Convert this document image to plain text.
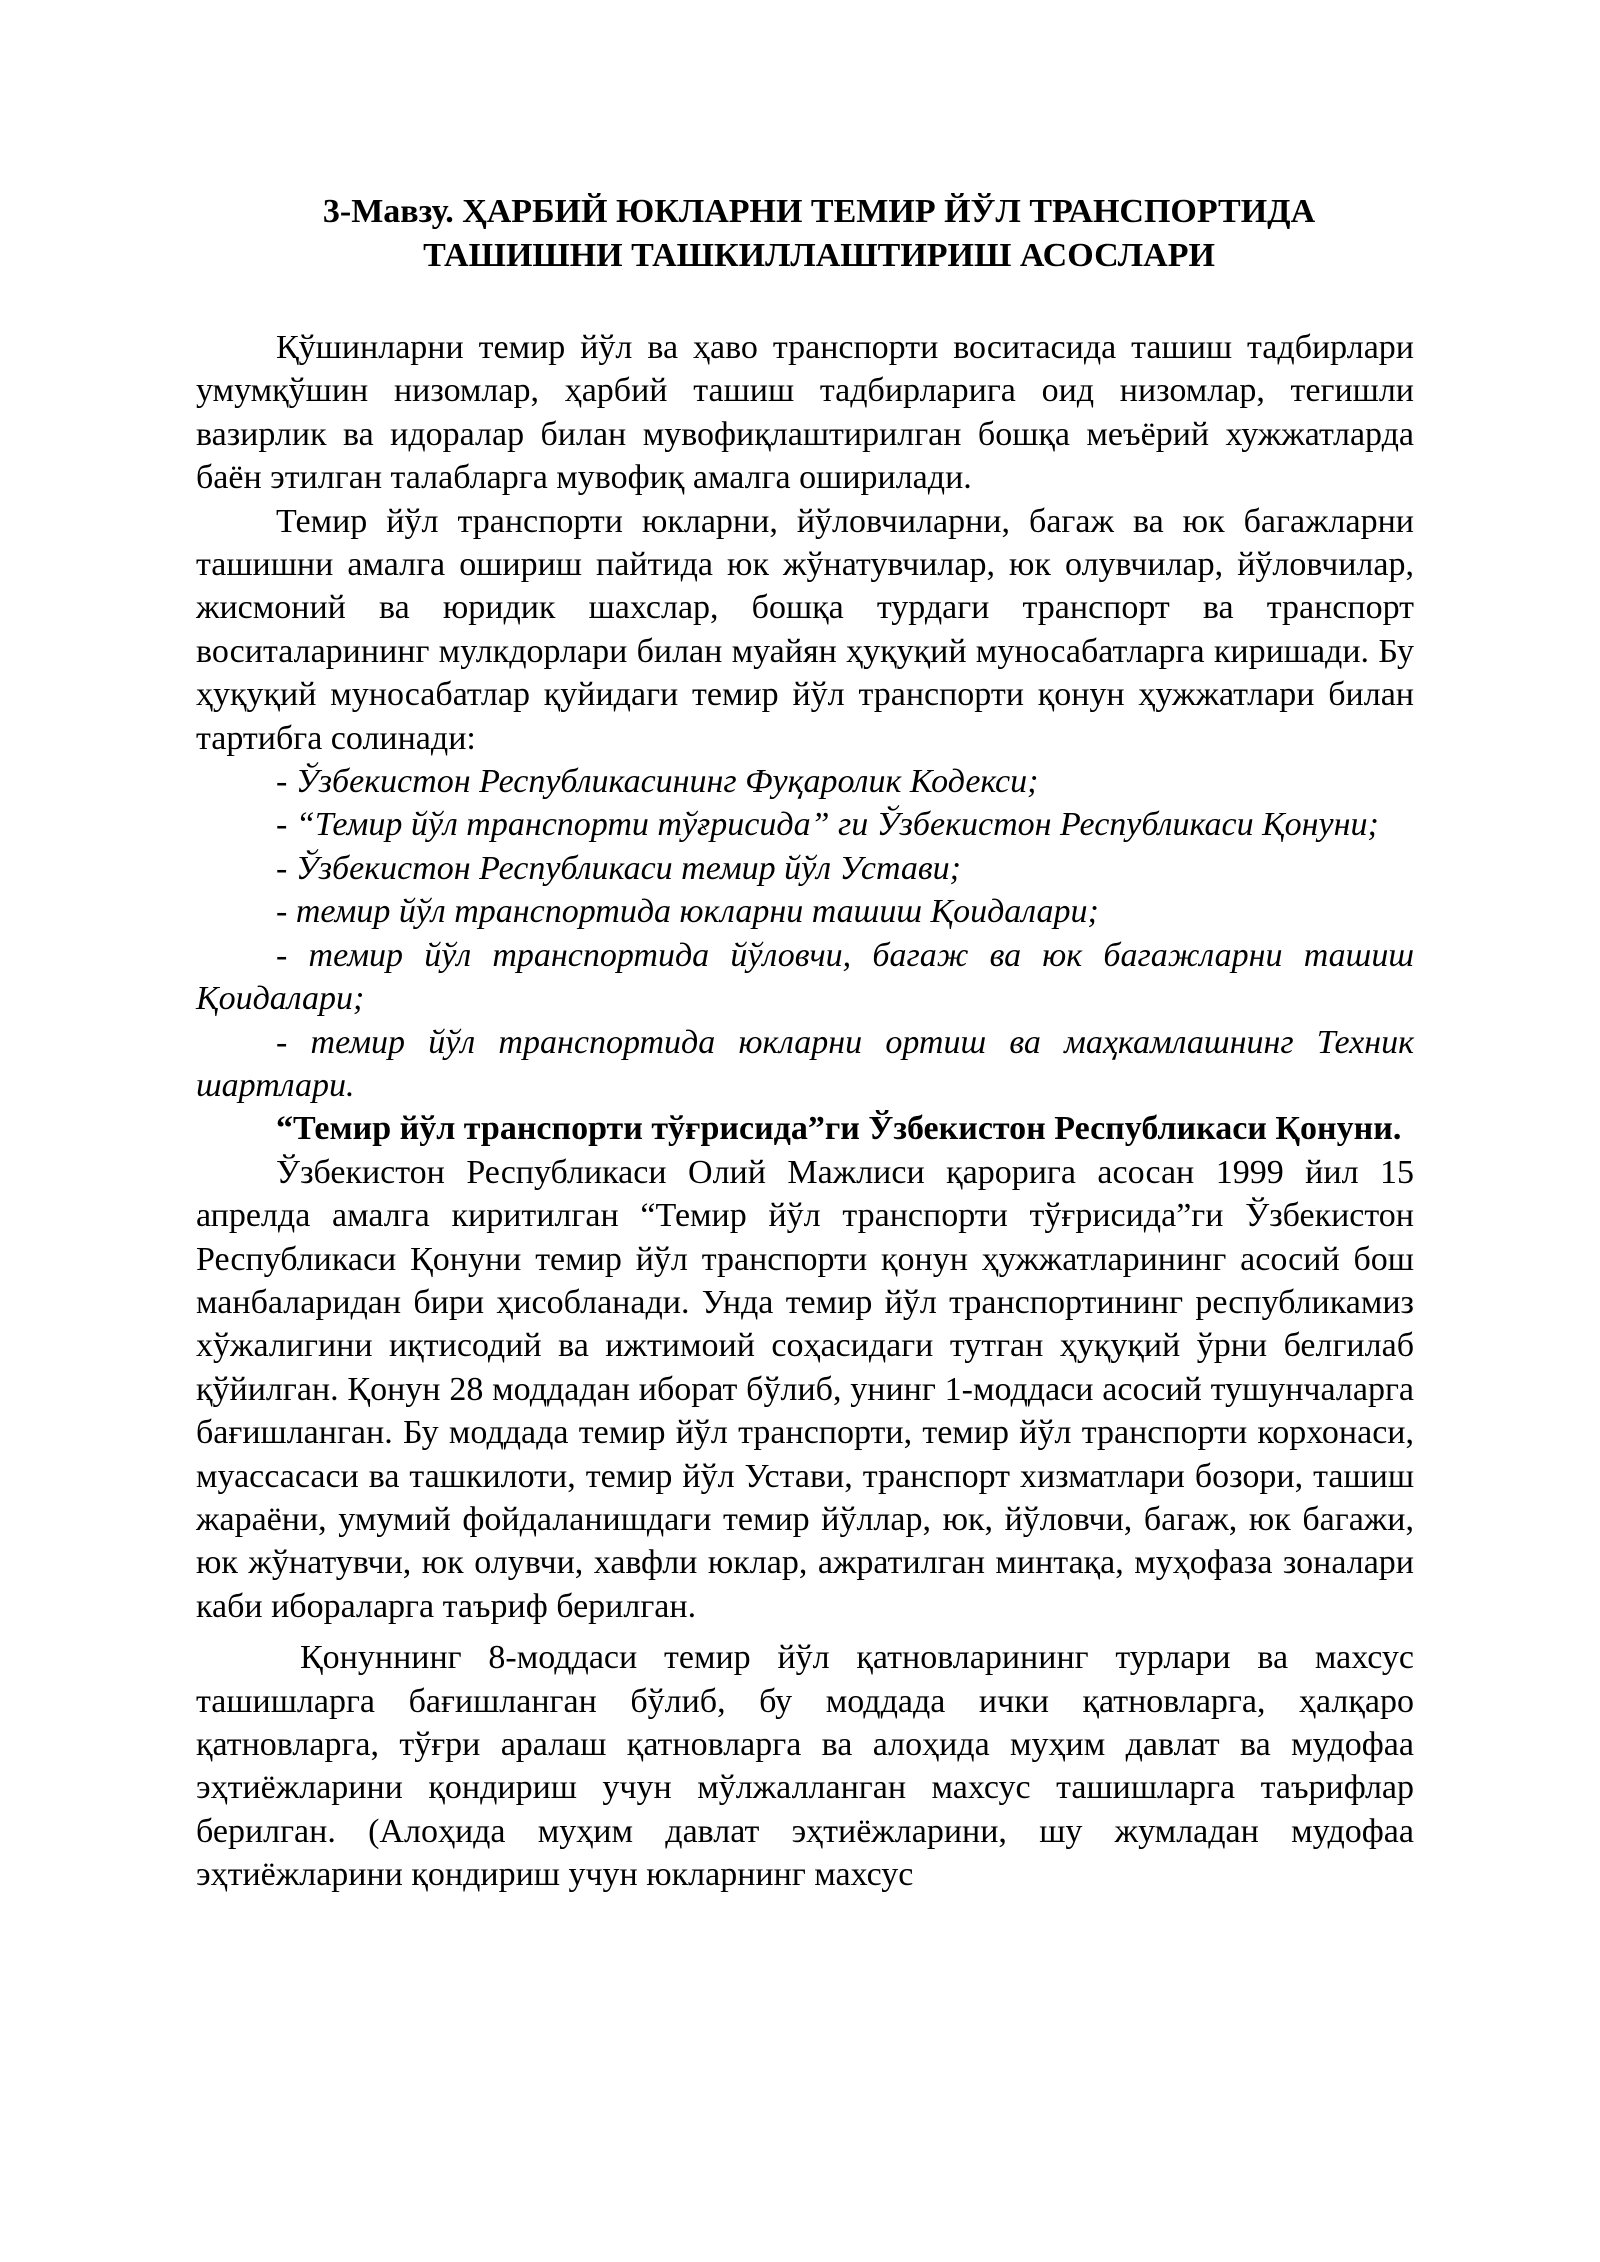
3-Мавзу. ҲАРБИЙ ЮКЛАРНИ ТЕМИР ЙЎЛ ТРАНСПОРТИДА
ТАШИШНИ ТАШКИЛЛАШТИРИШ АСОСЛАРИ

Қўшинларни темир йўл ва ҳаво транспорти воситасида ташиш тадбирлари умумқўшин низомлар, ҳарбий ташиш тадбирларига оид низомлар, тегишли вазирлик ва идоралар билан мувофиқлаштирилган бошқа меъёрий хужжатларда баён этилган талабларга мувофиқ амалга оширилади.

Темир йўл транспорти юкларни, йўловчиларни, багаж ва юк багажларни ташишни амалга ошириш пайтида юк жўнатувчилар, юк олувчилар, йўловчилар, жисмоний ва юридик шахслар, бошқа турдаги транспорт ва транспорт воситаларининг мулкдорлари билан муайян ҳуқуқий муносабатларга киришади. Бу ҳуқуқий муносабатлар қуйидаги темир йўл транспорти қонун ҳужжатлари билан тартибга солинади:

- Ўзбекистон Республикасининг Фуқаролик Кодекси;

- “Темир йўл транспорти тўғрисида” ги Ўзбекистон Республикаси Қонуни;

- Ўзбекистон Республикаси темир йўл Устави;

- темир йўл транспортида юкларни ташиш Қоидалари;

- темир йўл транспортида йўловчи, багаж ва юк багажларни ташиш Қоидалари;

- темир йўл транспортида юкларни ортиш ва маҳкамлашнинг Техник шартлари.

“Темир йўл транспорти тўғрисида”ги Ўзбекистон Республикаси Қонуни.

Ўзбекистон Республикаси Олий Мажлиси қарорига асосан 1999 йил 15 апрелда амалга киритилган “Темир йўл транспорти тўғрисида”ги Ўзбекистон Республикаси Қонуни темир йўл транспорти қонун ҳужжатларининг асосий бош манбаларидан бири ҳисобланади. Унда темир йўл транспортининг республикамиз хўжалигини иқтисодий ва ижтимоий соҳасидаги тутган ҳуқуқий ўрни белгилаб қўйилган. Қонун 28 моддадан иборат бўлиб, унинг 1-моддаси асосий тушунчаларга бағишланган. Бу моддада темир йўл транспорти, темир йўл транспорти корхонаси, муассасаси ва ташкилоти, темир йўл Устави, транспорт хизматлари бозори, ташиш жараёни, умумий фойдаланишдаги темир йўллар, юк, йўловчи, багаж, юк багажи, юк жўнатувчи, юк олувчи, хавфли юклар, ажратилган минтақа, муҳофаза зоналари каби ибораларга таъриф берилган.

Қонуннинг 8-моддаси темир йўл қатновларининг турлари ва махсус ташишларга бағишланган бўлиб, бу моддада ички қатновларга, ҳалқаро қатновларга, тўғри аралаш қатновларга ва алоҳида муҳим давлат ва мудофаа эҳтиёжларини қондириш учун мўлжалланган махсус ташишларга таърифлар берилган. (Алоҳида муҳим давлат эҳтиёжларини, шу жумладан мудофаа эҳтиёжларини қондириш учун юкларнинг махсус
